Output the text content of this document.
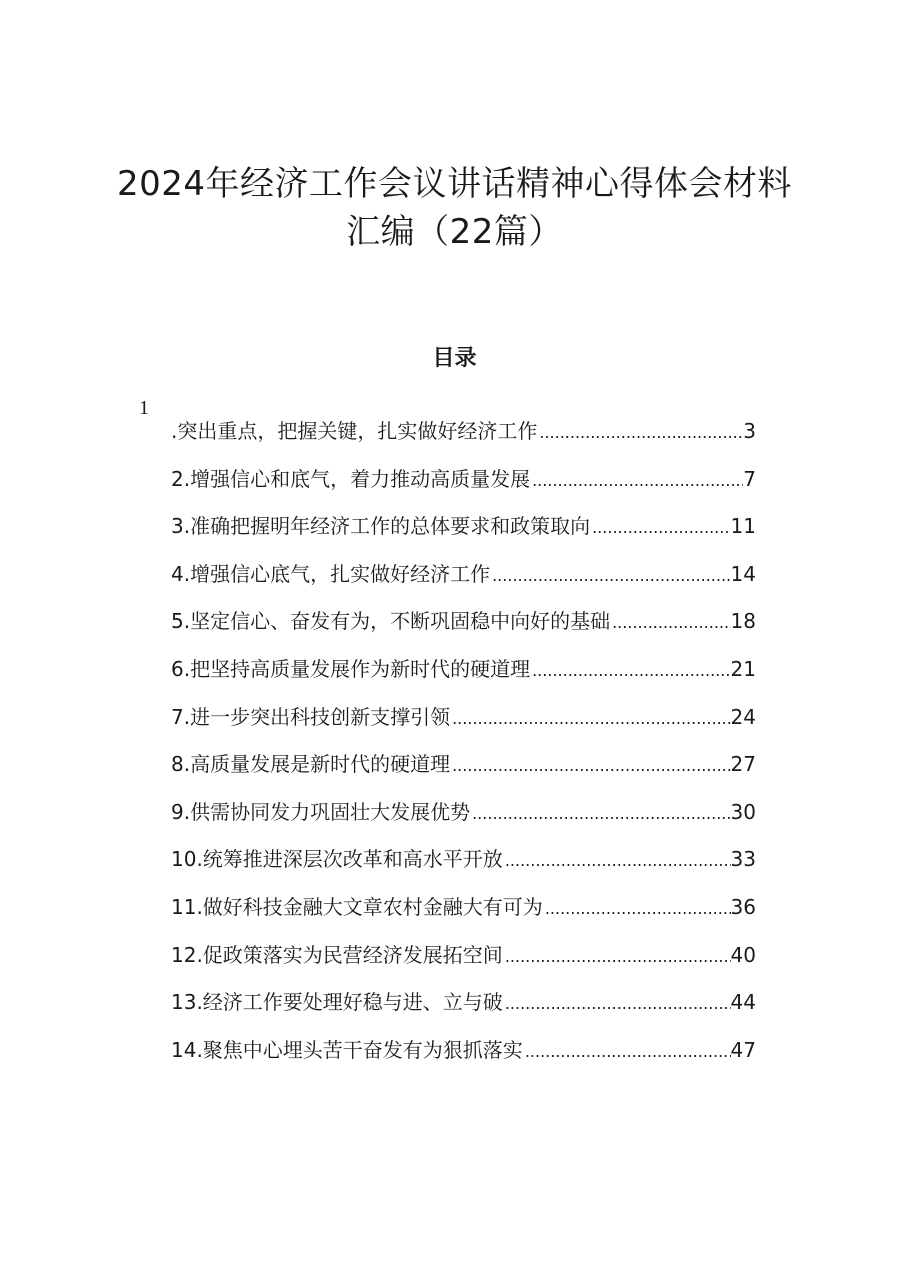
2024年经济工作会议讲话精神心得体会材料
汇编（22篇）
目录
1
.突出重点，把握关键，扎实做好经济工作 .....	3
2.增强信心和底气，着力推动高质量发展 .....	7
3.准确把握明年经济工作的总体要求和政策取向 .....	11
4.增强信心底气，扎实做好经济工作 .....	14
5.坚定信心、奋发有为，不断巩固稳中向好的基础 .....	18
6.把坚持高质量发展作为新时代的硬道理 .....	21
7.进一步突出科技创新支撑引领 .....	24
8.高质量发展是新时代的硬道理 .....	27
9.供需协同发力巩固壮大发展优势 .....	30
10.统筹推进深层次改革和高水平开放 .....	33
11.做好科技金融大文章农村金融大有可为 .....	36
12.促政策落实为民营经济发展拓空间 .....	40
13.经济工作要处理好稳与进、立与破 .....	44
14.聚焦中心埋头苦干奋发有为狠抓落实 .....	47
